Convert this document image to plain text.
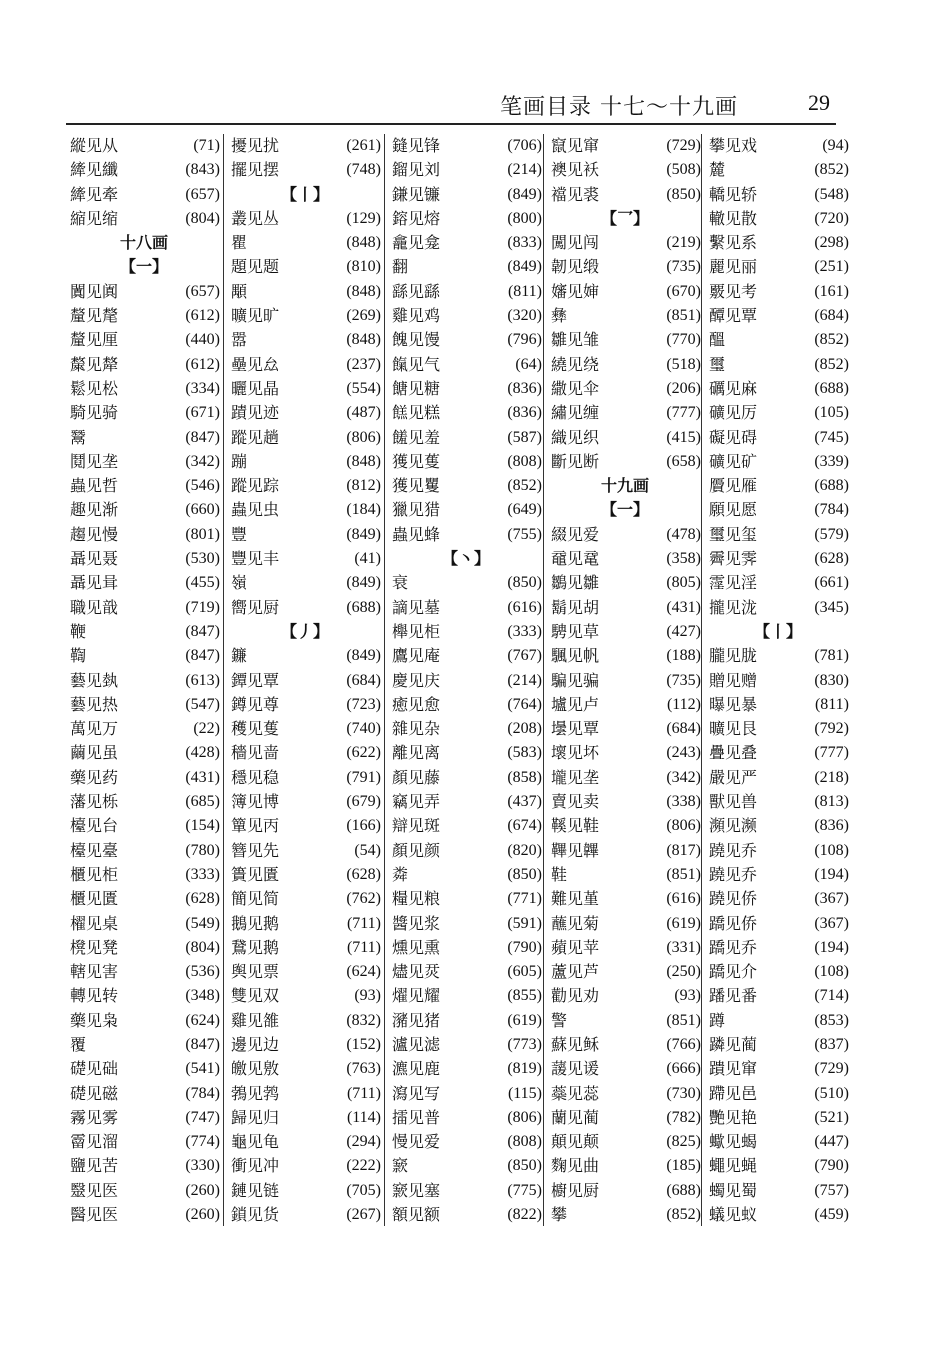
笔画目录 十七～十九画	29
縱见从	(71)
縴见纖	(843)
縴见牽	(657)
縮见缩	(804)
十八画
【一】
闐见阗	(657)
釐见氂	(612)
釐见厘	(440)
斄见犛	(612)
鬆见松	(334)
騎见骑	(671)
鬵	(847)
鬩见垄	(342)
蟲见哲	(546)
趣见渐	(660)
趨见慢	(801)
聶见聂	(530)
聶见咠	(455)
職见戠	(719)
鞭	(847)
鞫	(847)
藝见埶	(613)
藝见热	(547)
萬见万	(22)
繭见虽	(428)
藥见药	(431)
藩见栎	(685)
檯见台	(154)
檯见臺	(780)
櫃见柜	(333)
櫃见匱	(628)
櫂见桌	(549)
櫈见凳	(804)
轄见害	(536)
轉见转	(348)
藥见枭	(624)
覆	(847)
礎见础	(541)
礎见磁	(784)
霧见雾	(747)
霤见溜	(774)
鹽见苦	(330)
毉见医	(260)
醫见医	(260)
擾见扰	(261)
擺见摆	(748)
【丨】
叢见丛	(129)
瞿	(848)
題见题	(810)
顒	(848)
曠见旷	(269)
嚣	(848)
壘见厽	(237)
曬见晶	(554)
蹟见迹	(487)
蹤见趟	(806)
蹦	(848)
蹤见踪	(812)
蟲见虫	(184)
豐	(849)
豐见丰	(41)
嶺	(849)
嚮见厨	(688)
【丿】
鐮	(849)
鐔见覃	(684)
鐏见尊	(723)
穫见蒦	(740)
穡见啬	(622)
穩见稳	(791)
簿见博	(679)
簞见丙	(166)
簪见先	(54)
簣见匱	(628)
簡见简	(762)
鵝见鹅	(711)
鵞见鹅	(711)
舆见票	(624)
雙见双	(93)
雞见雒	(832)
邊见边	(152)
皦见敫	(763)
鵓见鹁	(711)
歸见归	(114)
龜见龟	(294)
衝见冲	(222)
鏈见链	(705)
鎖见货	(267)
鏠见锋	(706)
鎦见刘	(214)
鎌见镰	(849)
鎔见熔	(800)
龕见龛	(833)
翻	(849)
繇见繇	(811)
雞见鸡	(320)
餽见馒	(796)
餼见气	(64)
餹见糖	(836)
餻见糕	(836)
饈见羞	(587)
獲见蒦	(808)
獲见矍	(852)
獵见猎	(649)
蟲见蜂	(755)
【丶】
衰	(850)
謫见墓	(616)
櫸见柜	(333)
鷹见庵	(767)
慶见庆	(214)
癒见愈	(764)
雜见杂	(208)
離见离	(583)
顏见藤	(858)
竊见弄	(437)
辯见斑	(674)
顏见颜	(820)
粦	(850)
糧见粮	(771)
醬见浆	(591)
燻见熏	(790)
燼见烎	(605)
燿见耀	(855)
瀦见猪	(619)
瀘见滤	(773)
瀌见鹿	(819)
瀉见写	(115)
擂见普	(806)
慢见爱	(808)
窾	(850)
窾见塞	(775)
額见额	(822)
竄见窜	(729)
襖见袄	(508)
襠见裘	(850)
【乛】
闖见闯	(219)
韌见缎	(735)
嬸见婶	(670)
彝	(851)
雛见雏	(770)
繞见绕	(518)
繖见伞	(206)
繡见缠	(777)
織见织	(415)
斷见断	(658)
十九画
【一】
綴见爱	(478)
黿见鼋	(358)
鶵见雛	(805)
鬍见胡	(431)
騁见草	(427)
颿见帆	(188)
騙见骗	(735)
壚见卢	(112)
壜见覃	(684)
壞见坏	(243)
壠见垄	(342)
賣见卖	(338)
鞵见鞋	(806)
鞸见韠	(817)
鞋	(851)
難见堇	(616)
蘸见菊	(619)
蘋见苹	(331)
蘆见芦	(250)
勸见劝	(93)
警	(851)
蘇见稣	(766)
蘐见谖	(666)
蘂见蕊	(730)
蘭见蔺	(782)
顛见颠	(825)
麴见曲	(185)
櫥见厨	(688)
攀	(852)
攀见戏	(94)
麓	(852)
轎见轿	(548)
轍见散	(720)
繫见系	(298)
麗见丽	(251)
覈见考	(161)
醰见覃	(684)
醞	(852)
璽	(852)
礪见麻	(688)
礦见厉	(105)
礙见碍	(745)
礦见矿	(339)
贗见雁	(688)
願见愿	(784)
璽见玺	(579)
霽见霁	(628)
霪见淫	(661)
攏见泷	(345)
【丨】
朧见胧	(781)
贈见赠	(830)
曝见暴	(811)
曠见艮	(792)
疊见叠	(777)
嚴见严	(218)
獸见兽	(813)
瀕见濒	(836)
蹺见乔	(108)
蹺见乔	(194)
蹺见侨	(367)
蹻见侨	(367)
蹻见乔	(194)
蹻见介	(108)
蹯见番	(714)
蹲	(853)
蹸见蔺	(837)
蹪见窜	(729)
蹛见邑	(510)
艷见艳	(521)
蠍见蝎	(447)
蠅见蝇	(790)
蠋见蜀	(757)
蟻见蚁	(459)
